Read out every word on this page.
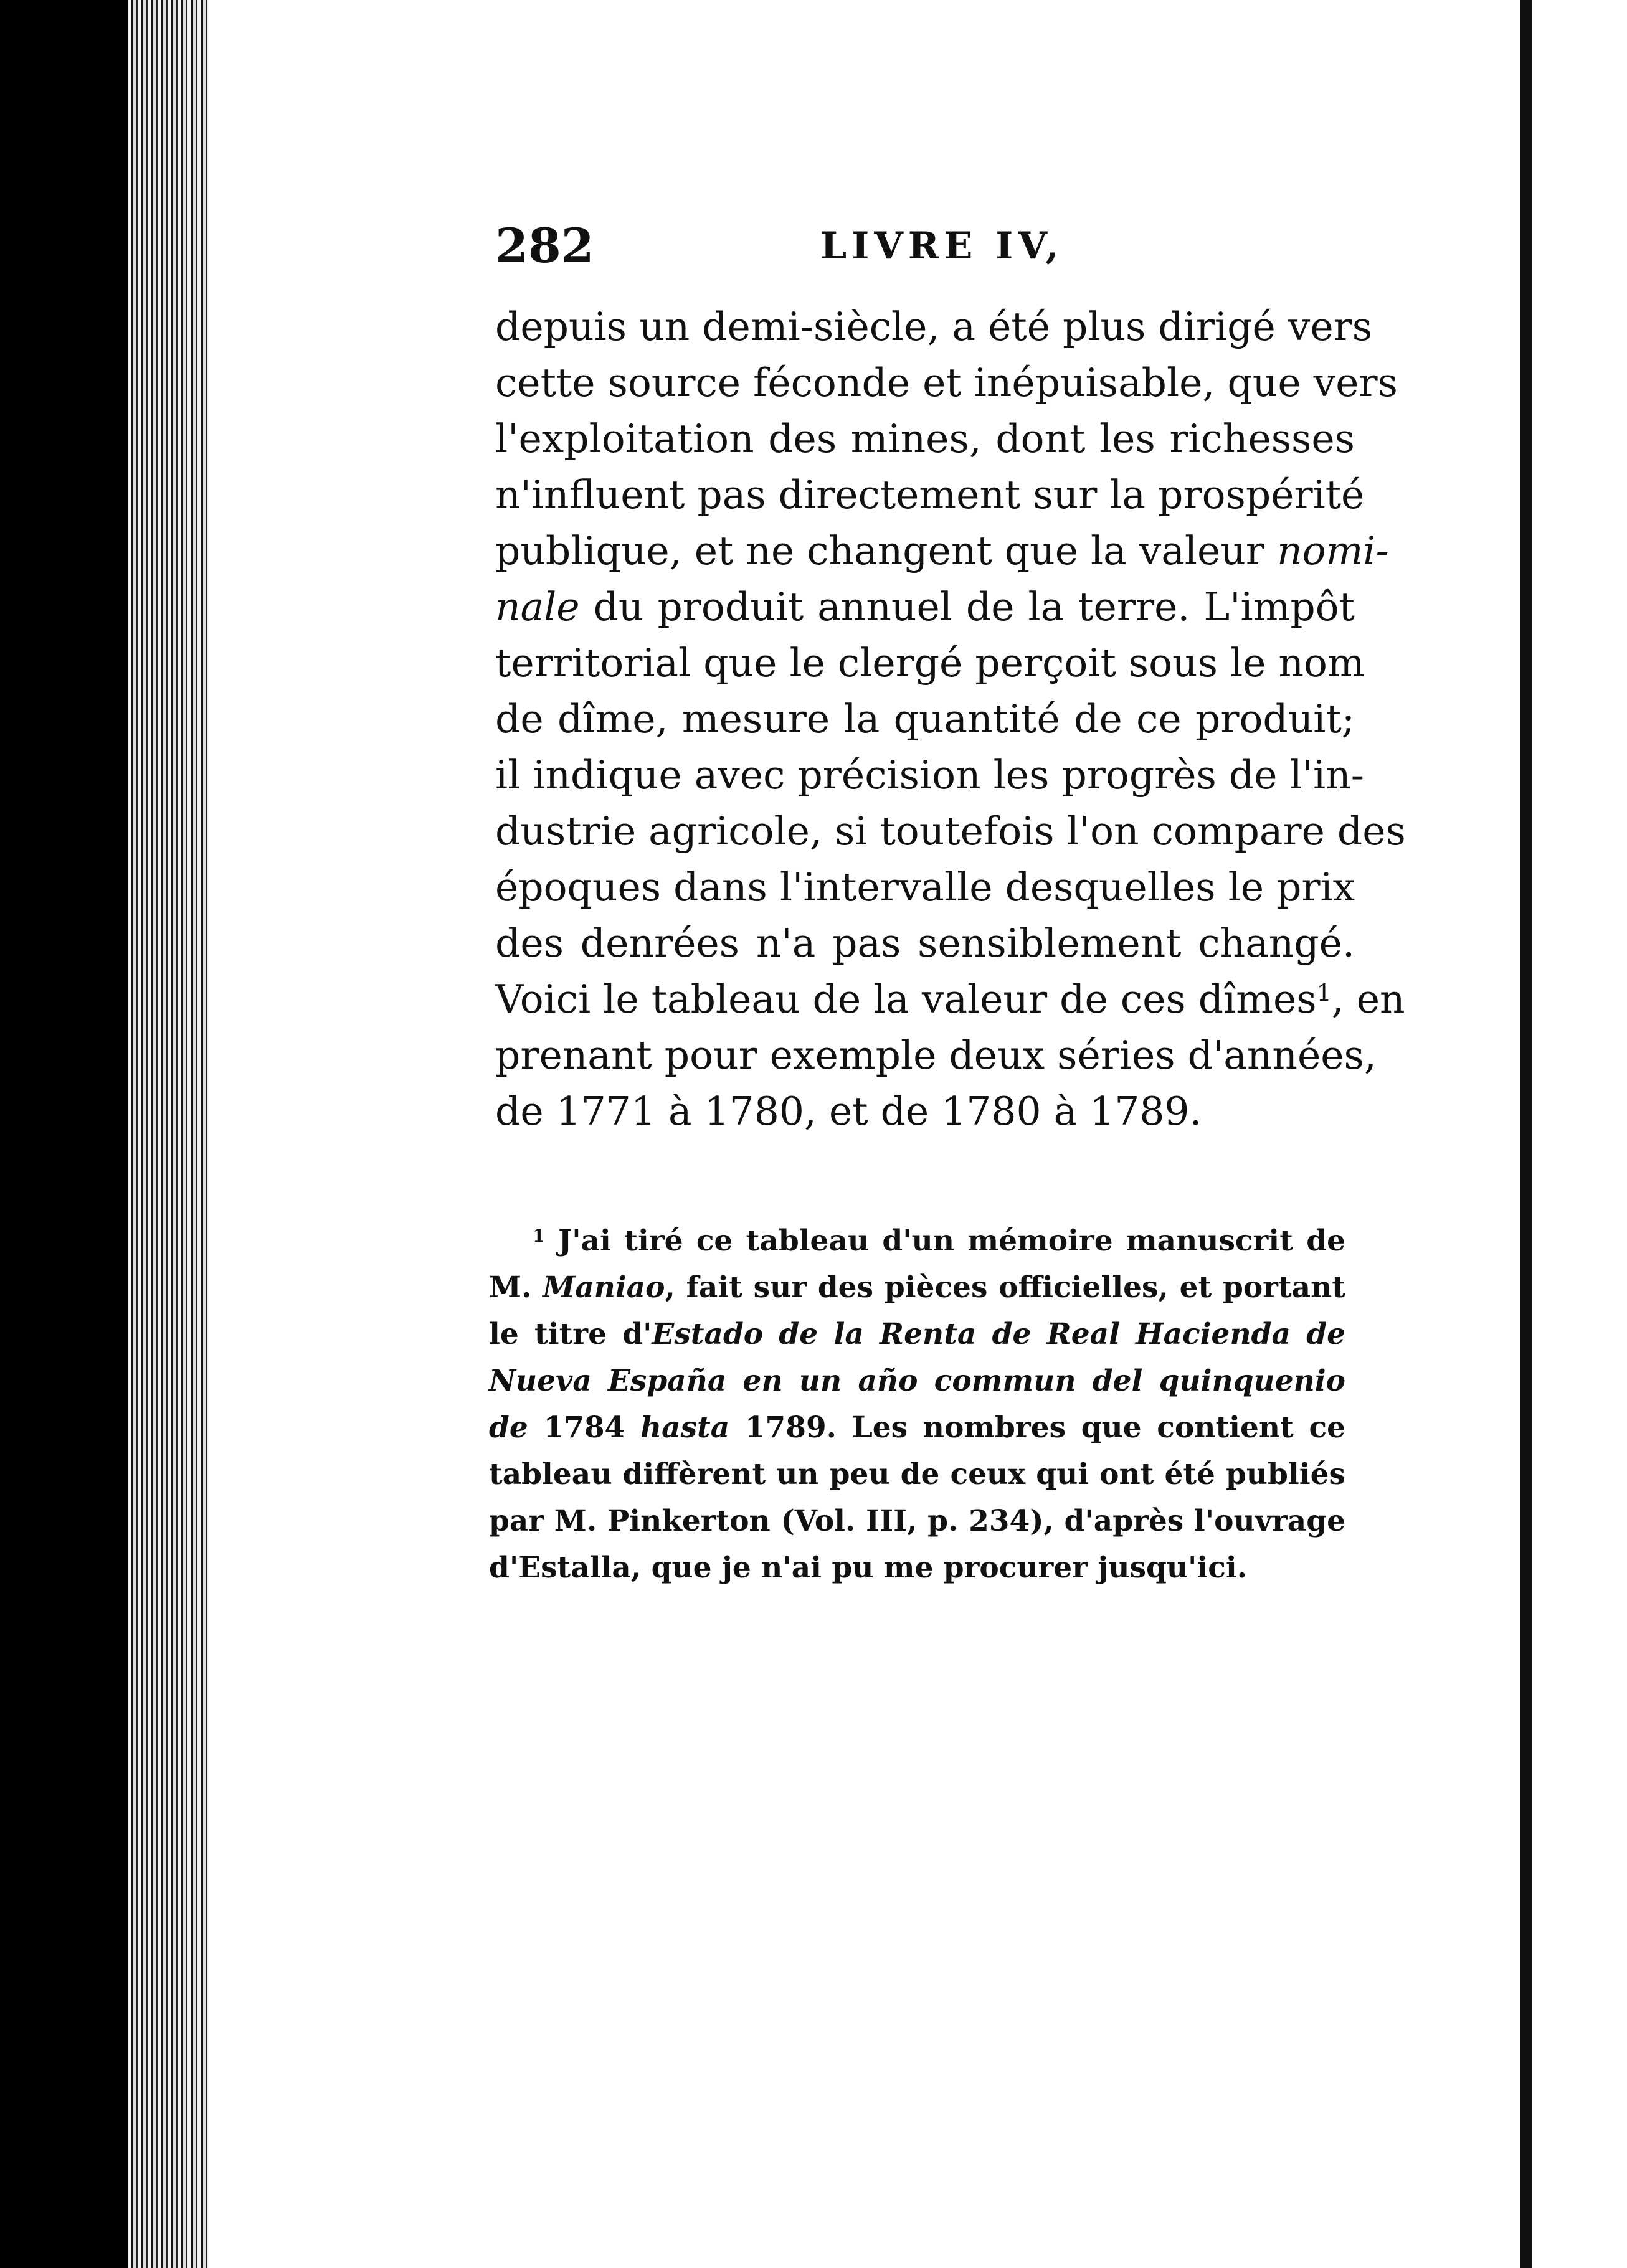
282	LIVRE IV,
depuis un demi-siècle, a été plus dirigé vers
cette source féconde et inépuisable, que vers
l'exploitation des mines, dont les richesses
n'influent pas directement sur la prospérité
publique, et ne changent que la valeur nomi-
nale du produit annuel de la terre. L'impôt
territorial que le clergé perçoit sous le nom
de dîme, mesure la quantité de ce produit;
il indique avec précision les progrès de l'in-
dustrie agricole, si toutefois l'on compare des
époques dans l'intervalle desquelles le prix
des denrées n'a pas sensiblement changé.
Voici le tableau de la valeur de ces dîmes$^1$, en
prenant pour exemple deux séries d'années,
de 1771 à 1780, et de 1780 à 1789.
$^1$ J'ai tiré ce tableau d'un mémoire manuscrit de
M. Maniao, fait sur des pièces officielles, et portant
le titre d'Estado de la Renta de Real Hacienda de
Nueva España en un año commun del quinquenio
de 1784 hasta 1789. Les nombres que contient ce
tableau diffèrent un peu de ceux qui ont été publiés
par M. Pinkerton (Vol. III, p. 234), d'après l'ouvrage
d'Estalla, que je n'ai pu me procurer jusqu'ici.
